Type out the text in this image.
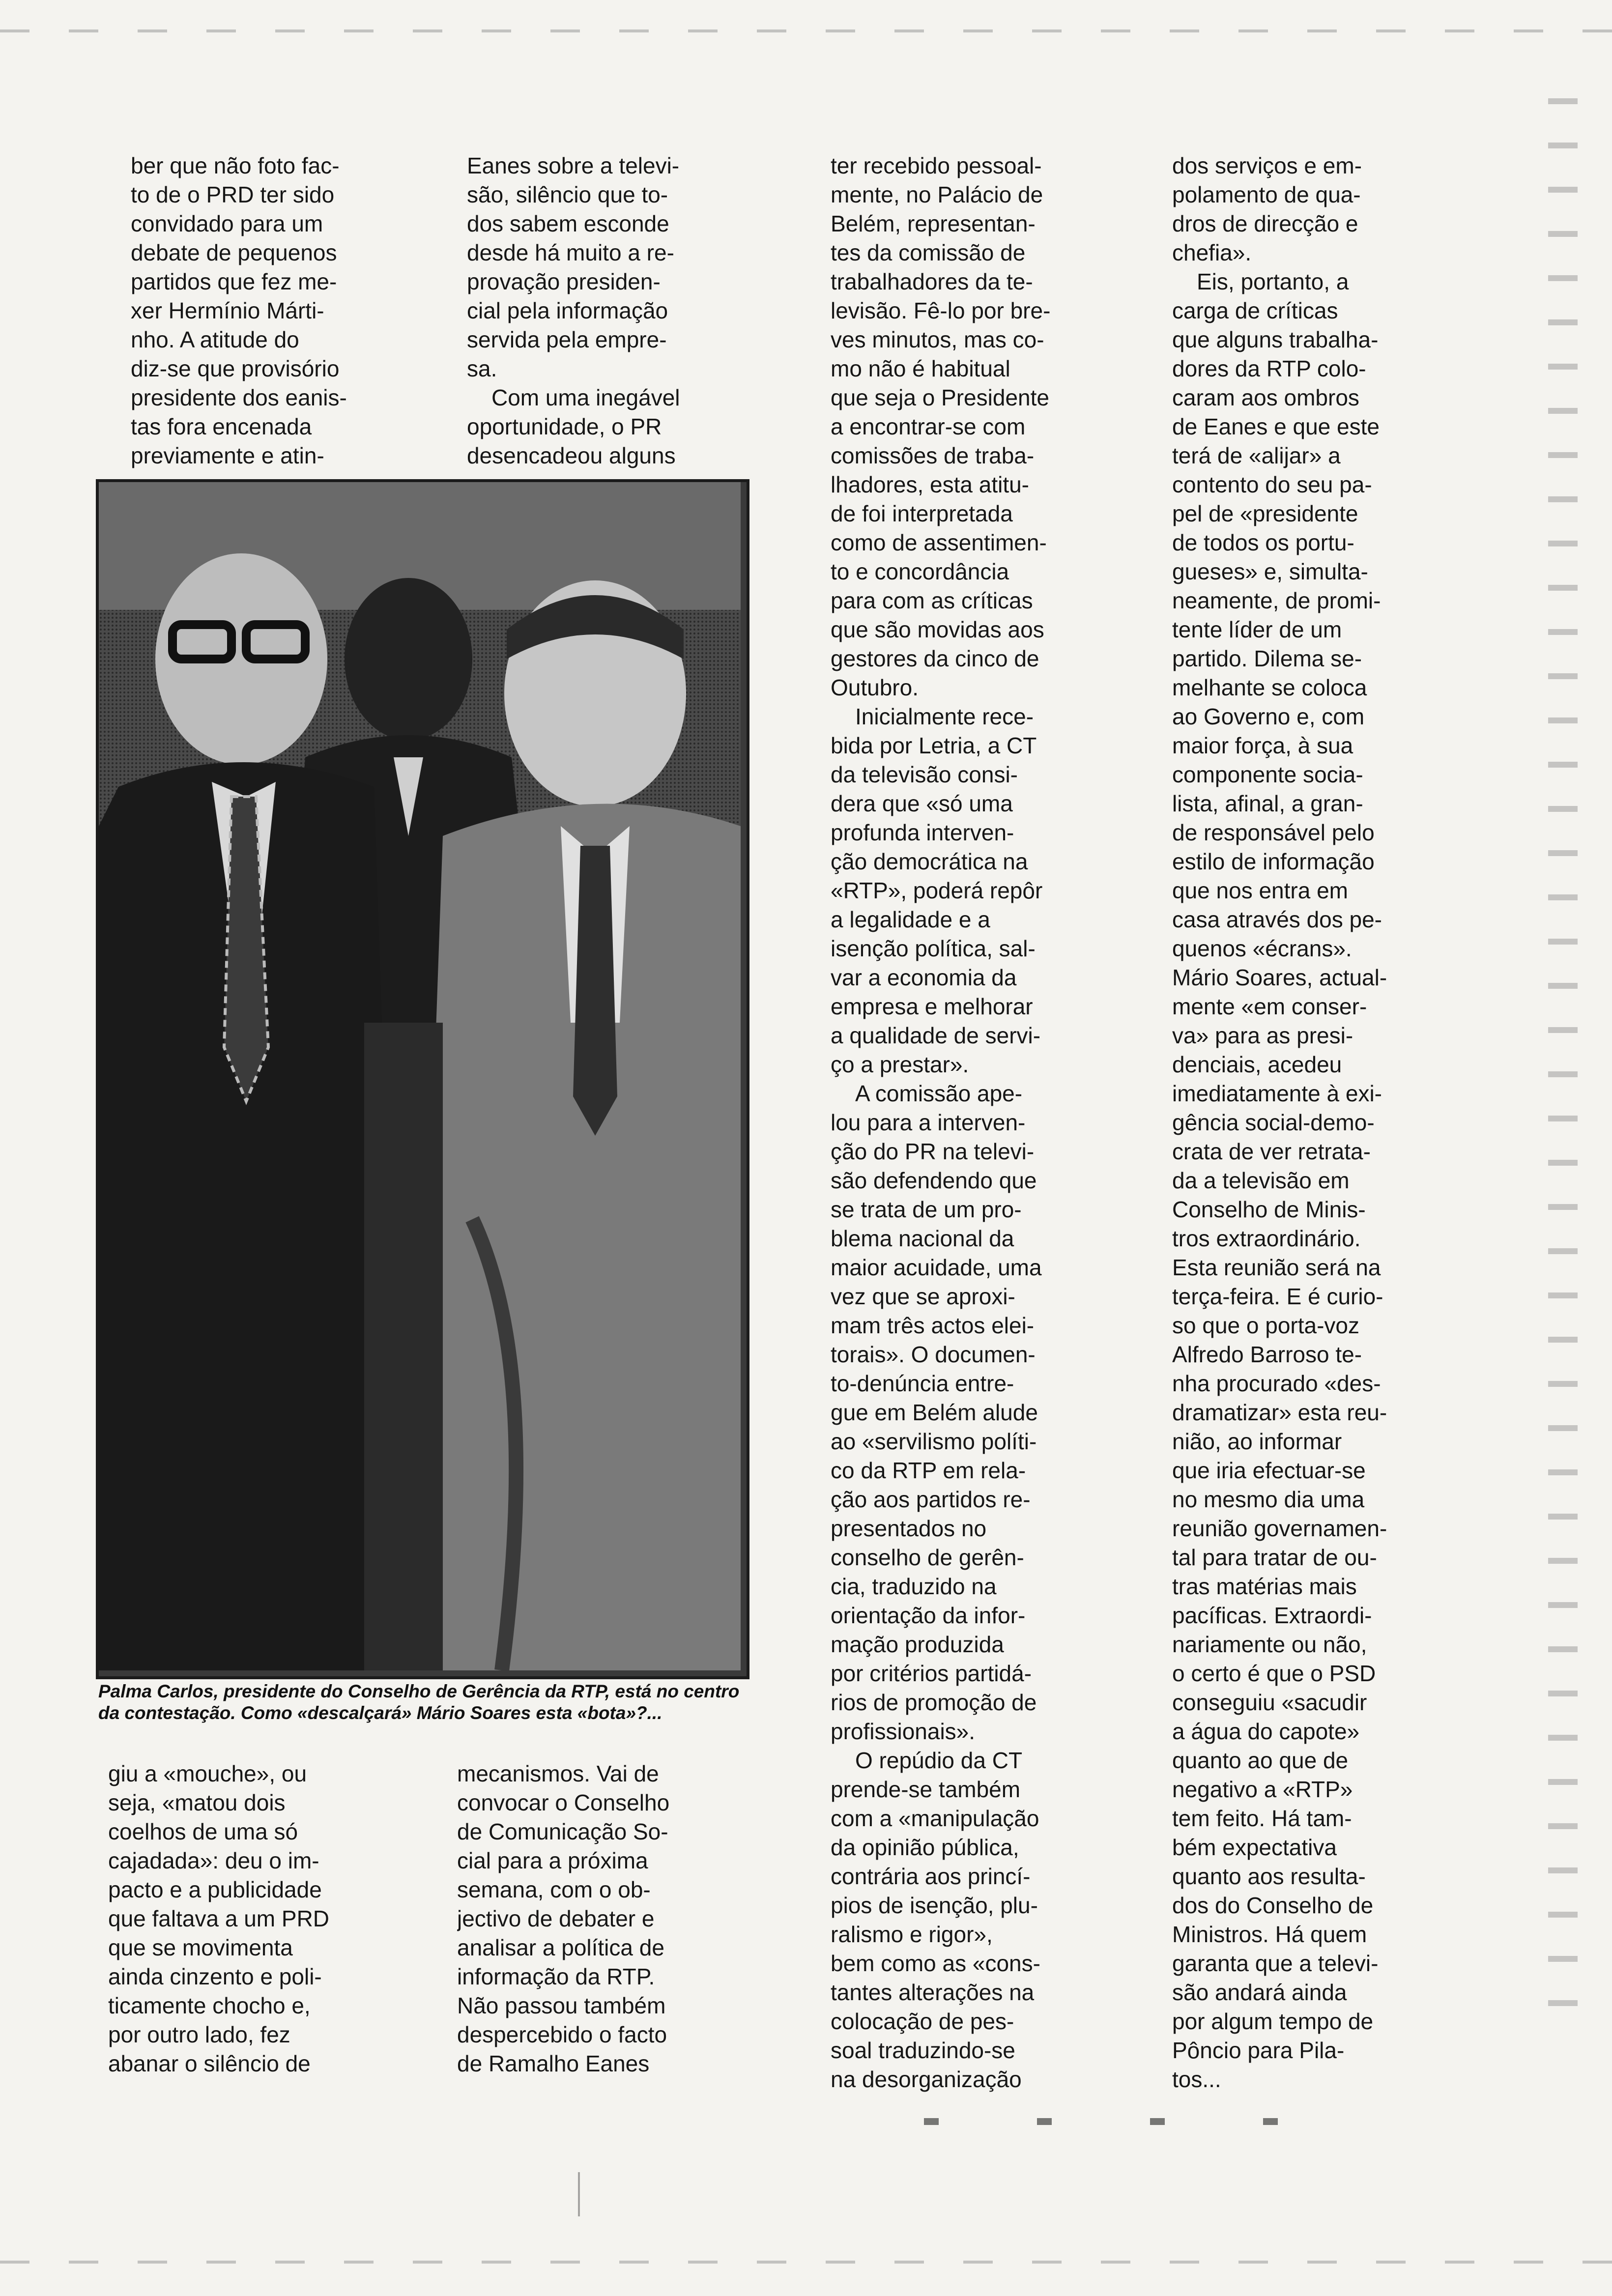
ber que não foto fac-

to de o PRD ter sido

convidado para um

debate de pequenos

partidos que fez me-

xer Hermínio Márti-

nho. A atitude do

diz-se que provisório

presidente dos eanis-

tas fora encenada

previamente e atin-

Eanes sobre a televi-

são, silêncio que to-

dos sabem esconde

desde há muito a re-

provação presiden-

cial pela informação

servida pela empre-

sa.

Com uma inegável

oportunidade, o PR

desencadeou alguns

Palma Carlos, presidente do Conselho de Gerência da RTP, está no centro da contestação. Como «descalçará» Mário Soares esta «bota»?...

ter recebido pessoal-

mente, no Palácio de

Belém, representan-

tes da comissão de

trabalhadores da te-

levisão. Fê-lo por bre-

ves minutos, mas co-

mo não é habitual

que seja o Presidente

a encontrar-se com

comissões de traba-

lhadores, esta atitu-

de foi interpretada

como de assentimen-

to e concordância

para com as críticas

que são movidas aos

gestores da cinco de

Outubro.

Inicialmente rece-

bida por Letria, a CT

da televisão consi-

dera que «só uma

profunda interven-

ção democrática na

«RTP», poderá repôr

a legalidade e a

isenção política, sal-

var a economia da

empresa e melhorar

a qualidade de servi-

ço a prestar».

A comissão ape-

lou para a interven-

ção do PR na televi-

são defendendo que

se trata de um pro-

blema nacional da

maior acuidade, uma

vez que se aproxi-

mam três actos elei-

torais». O documen-

to-denúncia entre-

gue em Belém alude

ao «servilismo políti-

co da RTP em rela-

ção aos partidos re-

presentados no

conselho de gerên-

cia, traduzido na

orientação da infor-

mação produzida

por critérios partidá-

rios de promoção de

profissionais».

O repúdio da CT

prende-se também

com a «manipulação

da opinião pública,

contrária aos princí-

pios de isenção, plu-

ralismo e rigor»,

bem como as «cons-

tantes alterações na

colocação de pes-

soal traduzindo-se

na desorganização

dos serviços e em-

polamento de qua-

dros de direcção e

chefia».

Eis, portanto, a

carga de críticas

que alguns trabalha-

dores da RTP colo-

caram aos ombros

de Eanes e que este

terá de «alijar» a

contento do seu pa-

pel de «presidente

de todos os portu-

gueses» e, simulta-

neamente, de promi-

tente líder de um

partido. Dilema se-

melhante se coloca

ao Governo e, com

maior força, à sua

componente socia-

lista, afinal, a gran-

de responsável pelo

estilo de informação

que nos entra em

casa através dos pe-

quenos «écrans».

Mário Soares, actual-

mente «em conser-

va» para as presi-

denciais, acedeu

imediatamente à exi-

gência social-demo-

crata de ver retrata-

da a televisão em

Conselho de Minis-

tros extraordinário.

Esta reunião será na

terça-feira. E é curio-

so que o porta-voz

Alfredo Barroso te-

nha procurado «des-

dramatizar» esta reu-

nião, ao informar

que iria efectuar-se

no mesmo dia uma

reunião governamen-

tal para tratar de ou-

tras matérias mais

pacíficas. Extraordi-

nariamente ou não,

o certo é que o PSD

conseguiu «sacudir

a água do capote»

quanto ao que de

negativo a «RTP»

tem feito. Há tam-

bém expectativa

quanto aos resulta-

dos do Conselho de

Ministros. Há quem

garanta que a televi-

são andará ainda

por algum tempo de

Pôncio para Pila-

tos...

giu a «mouche», ou

seja, «matou dois

coelhos de uma só

cajadada»: deu o im-

pacto e a publicidade

que faltava a um PRD

que se movimenta

ainda cinzento e poli-

ticamente chocho e,

por outro lado, fez

abanar o silêncio de

mecanismos. Vai de

convocar o Conselho

de Comunicação So-

cial para a próxima

semana, com o ob-

jectivo de debater e

analisar a política de

informação da RTP.

Não passou também

despercebido o facto

de Ramalho Eanes
